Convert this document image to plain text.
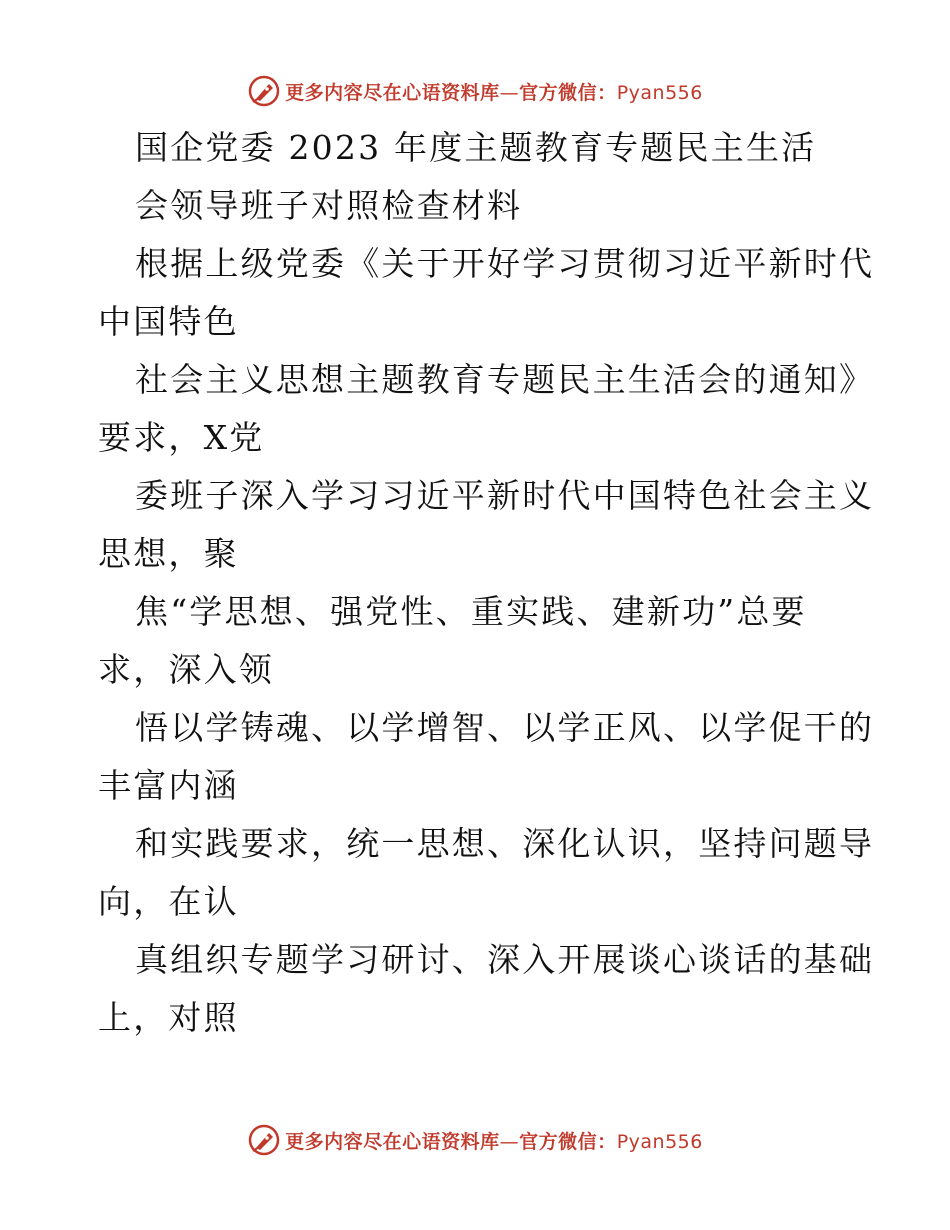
更多内容尽在心语资料库—官方微信：Pyan556
国企党委 2023 年度主题教育专题民主生活
会领导班子对照检查材料
根据上级党委《关于开好学习贯彻习近平新时代
中国特色
社会主义思想主题教育专题民主生活会的通知》
要求，X党
委班子深入学习习近平新时代中国特色社会主义
思想，聚
焦“学思想、强党性、重实践、建新功”总要
求，深入领
悟以学铸魂、以学增智、以学正风、以学促干的
丰富内涵
和实践要求，统一思想、深化认识，坚持问题导
向，在认
真组织专题学习研讨、深入开展谈心谈话的基础
上，对照
更多内容尽在心语资料库—官方微信：Pyan556
